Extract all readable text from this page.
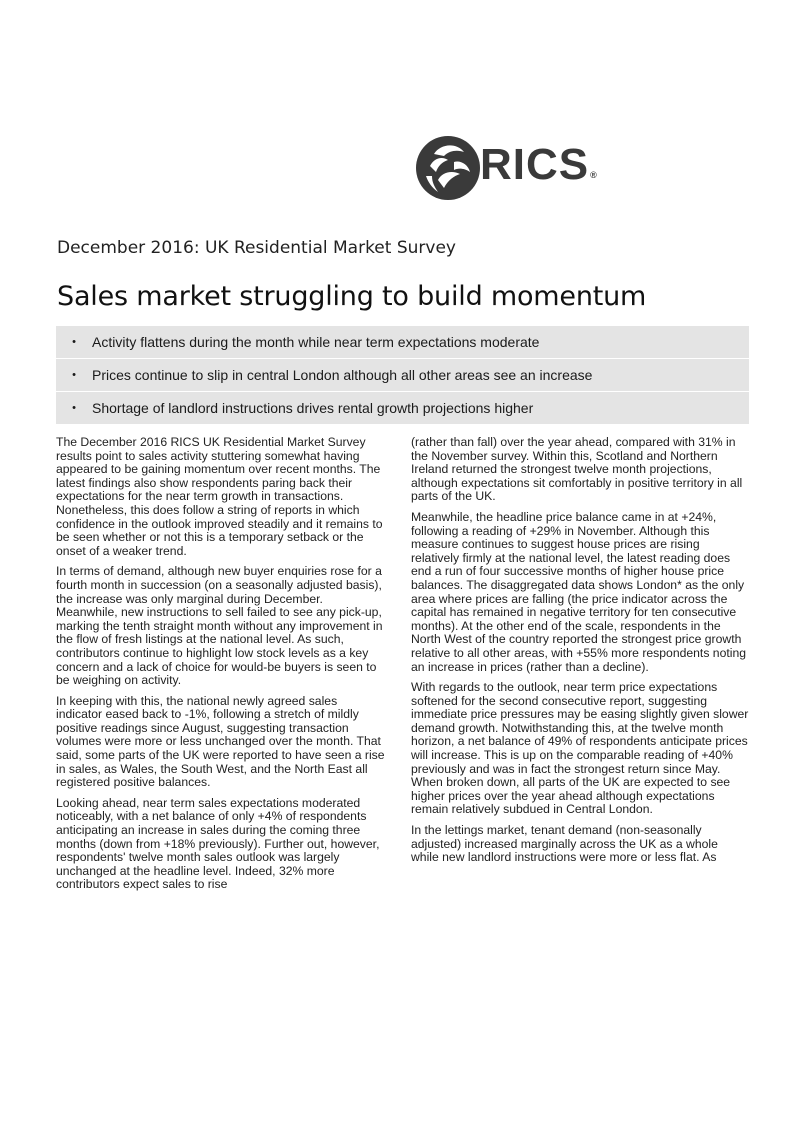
RICS®
December 2016: UK Residential Market Survey
Sales market struggling to build momentum
•	Activity flattens during the month while near term expectations moderate
•	Prices continue to slip in central London although all other areas see an increase
•	Shortage of landlord instructions drives rental growth projections higher

The December 2016 RICS UK Residential Market Survey results point to sales activity stuttering somewhat having appeared to be gaining momentum over recent months. The latest findings also show respondents paring back their expectations for the near term growth in transactions. Nonetheless, this does follow a string of reports in which confidence in the outlook improved steadily and it remains to be seen whether or not this is a temporary setback or the onset of a weaker trend.

In terms of demand, although new buyer enquiries rose for a fourth month in succession (on a seasonally adjusted basis), the increase was only marginal during December. Meanwhile, new instructions to sell failed to see any pick-up, marking the tenth straight month without any improvement in the flow of fresh listings at the national level. As such, contributors continue to highlight low stock levels as a key concern and a lack of choice for would-be buyers is seen to be weighing on activity.

In keeping with this, the national newly agreed sales indicator eased back to -1%, following a stretch of mildly positive readings since August, suggesting transaction volumes were more or less unchanged over the month. That said, some parts of the UK were reported to have seen a rise in sales, as Wales, the South West, and the North East all registered positive balances.

Looking ahead, near term sales expectations moderated noticeably, with a net balance of only +4% of respondents anticipating an increase in sales during the coming three months (down from +18% previously). Further out, however, respondents' twelve month sales outlook was largely unchanged at the headline level. Indeed, 32% more contributors expect sales to rise

(rather than fall) over the year ahead, compared with 31% in the November survey. Within this, Scotland and Northern Ireland returned the strongest twelve month projections, although expectations sit comfortably in positive territory in all parts of the UK.

Meanwhile, the headline price balance came in at +24%, following a reading of +29% in November. Although this measure continues to suggest house prices are rising relatively firmly at the national level, the latest reading does end a run of four successive months of higher house price balances. The disaggregated data shows London* as the only area where prices are falling (the price indicator across the capital has remained in negative territory for ten consecutive months). At the other end of the scale, respondents in the North West of the country reported the strongest price growth relative to all other areas, with +55% more respondents noting an increase in prices (rather than a decline).

With regards to the outlook, near term price expectations softened for the second consecutive report, suggesting immediate price pressures may be easing slightly given slower demand growth. Notwithstanding this, at the twelve month horizon, a net balance of 49% of respondents anticipate prices will increase. This is up on the comparable reading of +40% previously and was in fact the strongest return since May. When broken down, all parts of the UK are expected to see higher prices over the year ahead although expectations remain relatively subdued in Central London.

In the lettings market, tenant demand (non-seasonally adjusted) increased marginally across the UK as a whole while new landlord instructions were more or less flat. As
